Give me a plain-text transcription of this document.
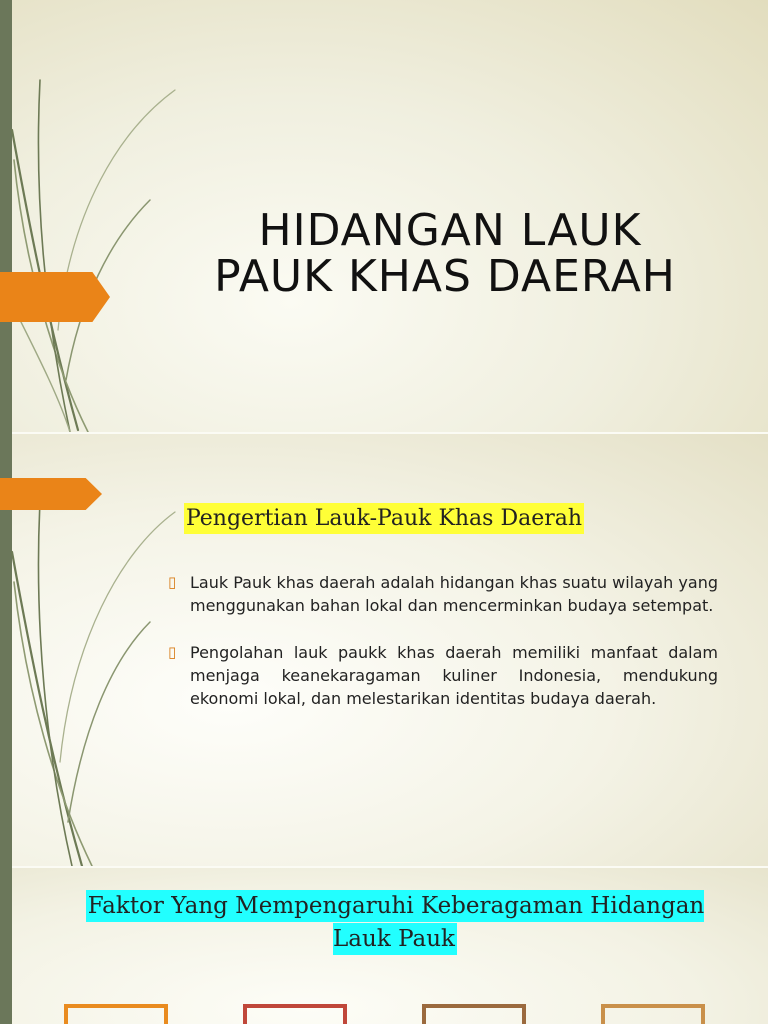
HIDANGAN LAUK
PAUK KHAS DAERAH
Pengertian Lauk-Pauk Khas Daerah
▯ Lauk Pauk khas daerah adalah hidangan khas suatu wilayah yang menggunakan bahan lokal dan mencerminkan budaya setempat.
▯ Pengolahan lauk paukk khas daerah memiliki manfaat dalam menjaga keanekaragaman kuliner Indonesia, mendukung ekonomi lokal, dan melestarikan identitas budaya daerah.
Faktor Yang Mempengaruhi Keberagaman Hidangan Lauk Pauk
